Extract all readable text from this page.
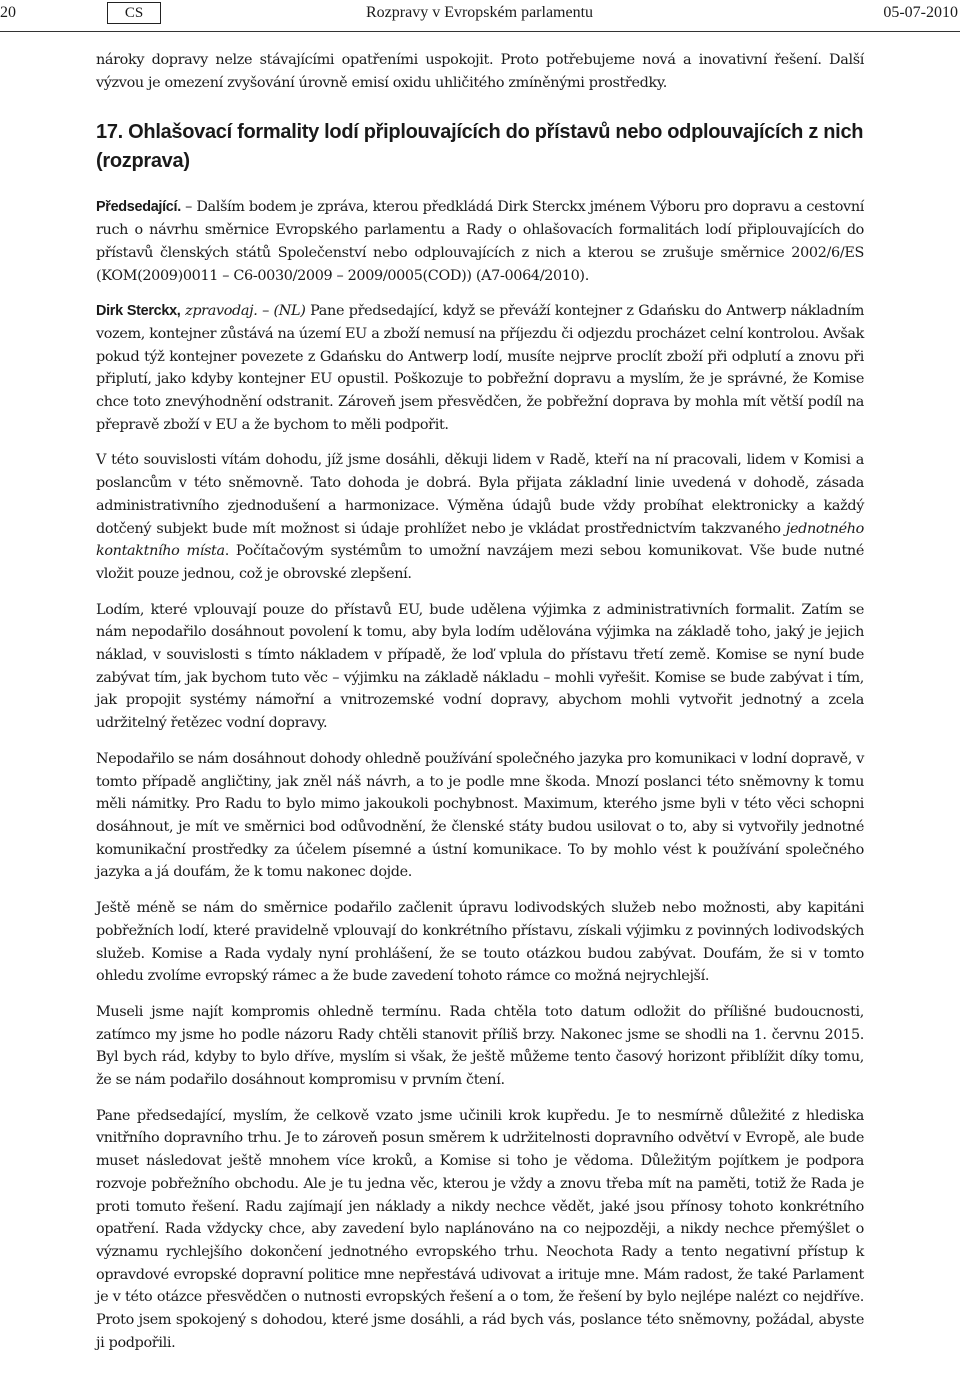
20	CS	Rozpravy v Evropském parlamentu	05-07-2010

nároky dopravy nelze stávajícími opatřeními uspokojit. Proto potřebujeme nová a inovativní řešení. Další výzvou je omezení zvyšování úrovně emisí oxidu uhličitého zmíněnými prostředky.

17. Ohlašovací formality lodí připlouvajících do přístavů nebo odplouvajících z nich (rozprava)

Předsedající. – Dalším bodem je zpráva, kterou předkládá Dirk Sterckx jménem Výboru pro dopravu a cestovní ruch o návrhu směrnice Evropského parlamentu a Rady o ohlašovacích formalitách lodí připlouvajících do přístavů členských států Společenství nebo odplouvajících z nich a kterou se zrušuje směrnice 2002/6/ES (KOM(2009)0011 – C6-0030/2009 – 2009/0005(COD)) (A7-0064/2010).

Dirk Sterckx, zpravodaj. – (NL) Pane předsedající, když se převáží kontejner z Gdańsku do Antwerp nákladním vozem, kontejner zůstává na území EU a zboží nemusí na příjezdu či odjezdu procházet celní kontrolou. Avšak pokud týž kontejner povezete z Gdańsku do Antwerp lodí, musíte nejprve proclít zboží při odplutí a znovu při připlutí, jako kdyby kontejner EU opustil. Poškozuje to pobřežní dopravu a myslím, že je správné, že Komise chce toto znevýhodnění odstranit. Zároveň jsem přesvědčen, že pobřežní doprava by mohla mít větší podíl na přepravě zboží v EU a že bychom to měli podpořit.

V této souvislosti vítám dohodu, jíž jsme dosáhli, děkuji lidem v Radě, kteří na ní pracovali, lidem v Komisi a poslancům v této sněmovně. Tato dohoda je dobrá. Byla přijata základní linie uvedená v dohodě, zásada administrativního zjednodušení a harmonizace. Výměna údajů bude vždy probíhat elektronicky a každý dotčený subjekt bude mít možnost si údaje prohlížet nebo je vkládat prostřednictvím takzvaného jednotného kontaktního místa. Počítačovým systémům to umožní navzájem mezi sebou komunikovat. Vše bude nutné vložit pouze jednou, což je obrovské zlepšení.

Lodím, které vplouvají pouze do přístavů EU, bude udělena výjimka z administrativních formalit. Zatím se nám nepodařilo dosáhnout povolení k tomu, aby byla lodím udělována výjimka na základě toho, jaký je jejich náklad, v souvislosti s tímto nákladem v případě, že loď vplula do přístavu třetí země. Komise se nyní bude zabývat tím, jak bychom tuto věc – výjimku na základě nákladu – mohli vyřešit. Komise se bude zabývat i tím, jak propojit systémy námořní a vnitrozemské vodní dopravy, abychom mohli vytvořit jednotný a zcela udržitelný řetězec vodní dopravy.

Nepodařilo se nám dosáhnout dohody ohledně používání společného jazyka pro komunikaci v lodní dopravě, v tomto případě angličtiny, jak zněl náš návrh, a to je podle mne škoda. Mnozí poslanci této sněmovny k tomu měli námitky. Pro Radu to bylo mimo jakoukoli pochybnost. Maximum, kterého jsme byli v této věci schopni dosáhnout, je mít ve směrnici bod odůvodnění, že členské státy budou usilovat o to, aby si vytvořily jednotné komunikační prostředky za účelem písemné a ústní komunikace. To by mohlo vést k používání společného jazyka a já doufám, že k tomu nakonec dojde.

Ještě méně se nám do směrnice podařilo začlenit úpravu lodivodských služeb nebo možnosti, aby kapitáni pobřežních lodí, které pravidelně vplouvají do konkrétního přístavu, získali výjimku z povinných lodivodských služeb. Komise a Rada vydaly nyní prohlášení, že se touto otázkou budou zabývat. Doufám, že si v tomto ohledu zvolíme evropský rámec a že bude zavedení tohoto rámce co možná nejrychlejší.

Museli jsme najít kompromis ohledně termínu. Rada chtěla toto datum odložit do přílišné budoucnosti, zatímco my jsme ho podle názoru Rady chtěli stanovit příliš brzy. Nakonec jsme se shodli na 1. červnu 2015. Byl bych rád, kdyby to bylo dříve, myslím si však, že ještě můžeme tento časový horizont přiblížit díky tomu, že se nám podařilo dosáhnout kompromisu v prvním čtení.

Pane předsedající, myslím, že celkově vzato jsme učinili krok kupředu. Je to nesmírně důležité z hlediska vnitřního dopravního trhu. Je to zároveň posun směrem k udržitelnosti dopravního odvětví v Evropě, ale bude muset následovat ještě mnohem více kroků, a Komise si toho je vědoma. Důležitým pojítkem je podpora rozvoje pobřežního obchodu. Ale je tu jedna věc, kterou je vždy a znovu třeba mít na paměti, totiž že Rada je proti tomuto řešení. Radu zajímají jen náklady a nikdy nechce vědět, jaké jsou přínosy tohoto konkrétního opatření. Rada vždycky chce, aby zavedení bylo naplánováno na co nejpozději, a nikdy nechce přemýšlet o významu rychlejšího dokončení jednotného evropského trhu. Neochota Rady a tento negativní přístup k opravdové evropské dopravní politice mne nepřestává udivovat a irituje mne. Mám radost, že také Parlament je v této otázce přesvědčen o nutnosti evropských řešení a o tom, že řešení by bylo nejlépe nalézt co nejdříve. Proto jsem spokojený s dohodou, které jsme dosáhli, a rád bych vás, poslance této sněmovny, požádal, abyste ji podpořili.
